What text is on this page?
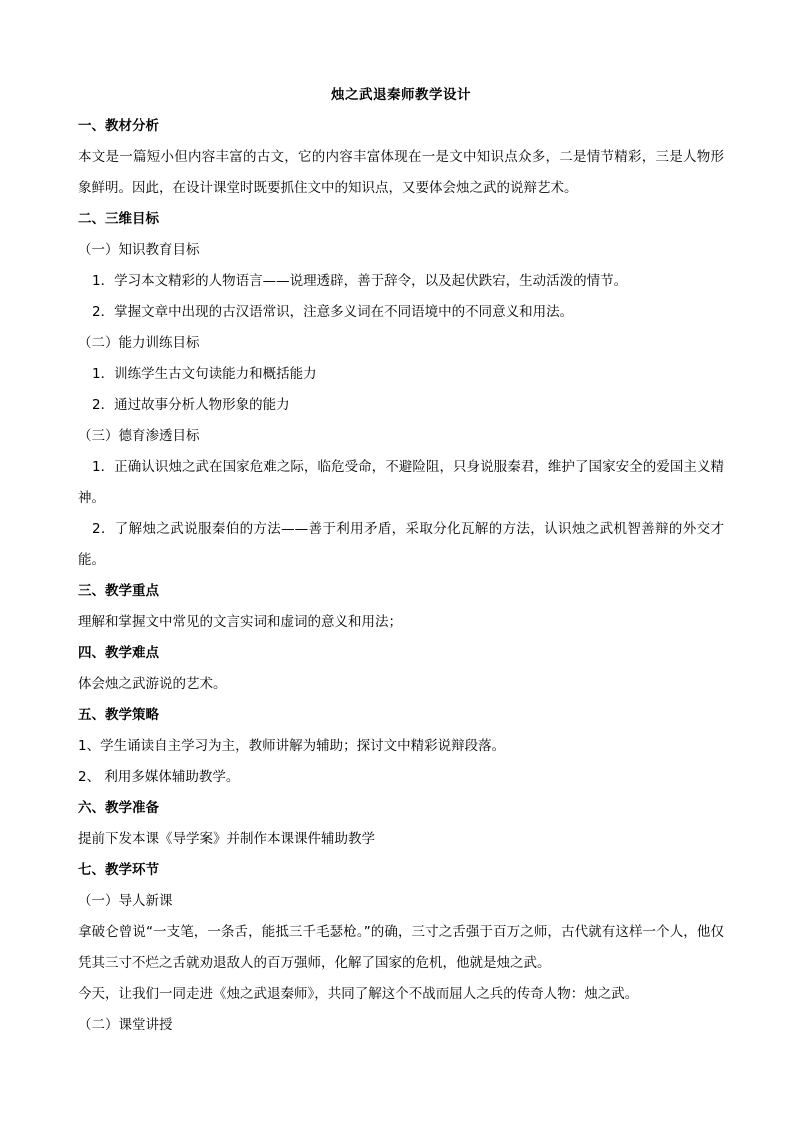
烛之武退秦师教学设计
一、教材分析
本文是一篇短小但内容丰富的古文，它的内容丰富体现在一是文中知识点众多，二是情节精彩，三是人物形象鲜明。因此，在设计课堂时既要抓住文中的知识点，又要体会烛之武的说辩艺术。
二、三维目标
（一）知识教育目标
1．学习本文精彩的人物语言——说理透辟，善于辞令，以及起伏跌宕，生动活泼的情节。
2．掌握文章中出现的古汉语常识，注意多义词在不同语境中的不同意义和用法。
（二）能力训练目标
1．训练学生古文句读能力和概括能力
2．通过故事分析人物形象的能力
（三）德育渗透目标
1．正确认识烛之武在国家危难之际，临危受命，不避险阻，只身说服秦君，维护了国家安全的爱国主义精神。
2．了解烛之武说服秦伯的方法——善于利用矛盾，采取分化瓦解的方法，认识烛之武机智善辩的外交才能。
三、教学重点
理解和掌握文中常见的文言实词和虚词的意义和用法；
四、教学难点
体会烛之武游说的艺术。
五、教学策略
1、学生诵读自主学习为主，教师讲解为辅助；探讨文中精彩说辩段落。
2、 利用多媒体辅助教学。
六、教学准备
提前下发本课《导学案》并制作本课课件辅助教学
七、教学环节
（一）导人新课
拿破仑曾说“一支笔，一条舌，能抵三千毛瑟枪。”的确，三寸之舌强于百万之师，古代就有这样一个人，他仅凭其三寸不烂之舌就劝退敌人的百万强师，化解了国家的危机，他就是烛之武。
今天，让我们一同走进《烛之武退秦师》，共同了解这个不战而屈人之兵的传奇人物：烛之武。
（二）课堂讲授
